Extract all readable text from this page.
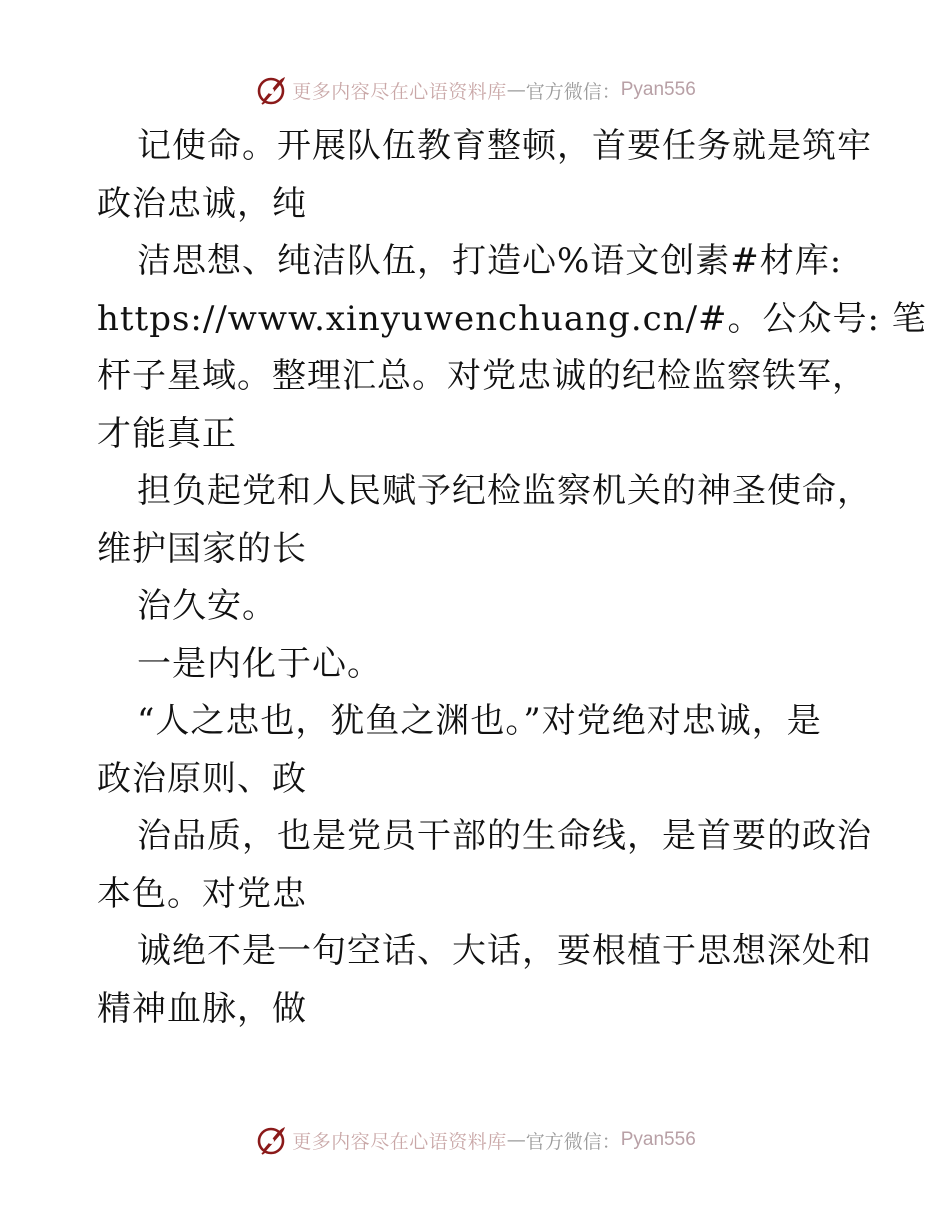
更多内容尽在心语资料库 — 官方微信： Pyan556
记使命。开展队伍教育整顿，首要任务就是筑牢
政治忠诚，纯
洁思想、纯洁队伍，打造心%语文创素#材库:
https://www.xinyuwenchuang.cn/#。公众号: 笔
杆子星域。整理汇总。对党忠诚的纪检监察铁军，
才能真正
担负起党和人民赋予纪检监察机关的神圣使命，
维护国家的长
治久安。
一是内化于心。
“人之忠也，犹鱼之渊也。”对党绝对忠诚，是
政治原则、政
治品质，也是党员干部的生命线，是首要的政治
本色。对党忠
诚绝不是一句空话、大话，要根植于思想深处和
精神血脉，做
更多内容尽在心语资料库 — 官方微信： Pyan556
